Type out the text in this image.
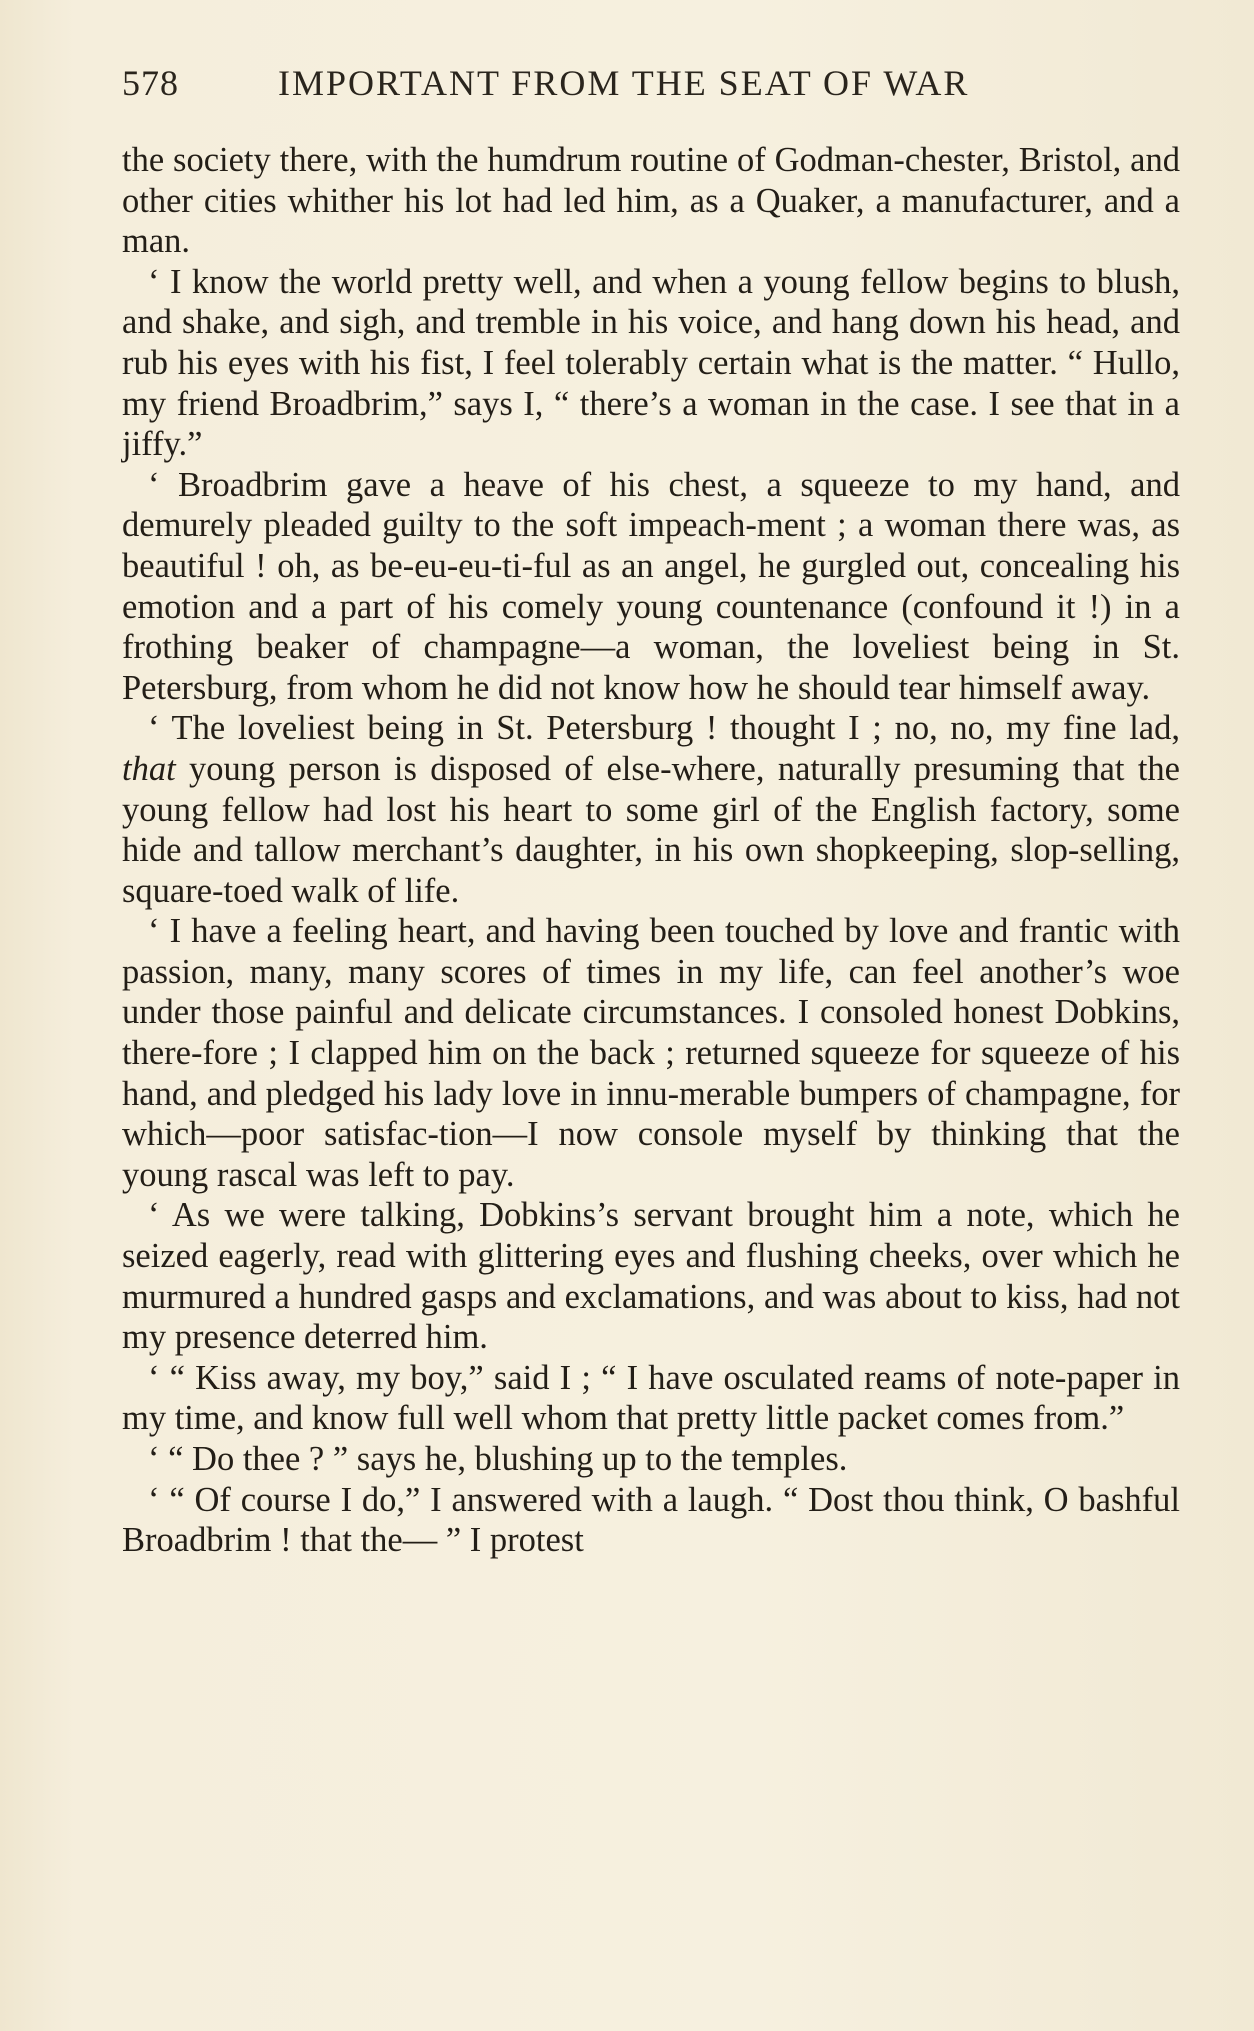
578	IMPORTANT FROM THE SEAT OF WAR

the society there, with the humdrum routine of Godman-chester, Bristol, and other cities whither his lot had led him, as a Quaker, a manufacturer, and a man.

‘ I know the world pretty well, and when a young fellow begins to blush, and shake, and sigh, and tremble in his voice, and hang down his head, and rub his eyes with his fist, I feel tolerably certain what is the matter. “ Hullo, my friend Broadbrim,” says I, “ there’s a woman in the case. I see that in a jiffy.”

‘ Broadbrim gave a heave of his chest, a squeeze to my hand, and demurely pleaded guilty to the soft impeach-ment ; a woman there was, as beautiful ! oh, as be-eu-eu-ti-ful as an angel, he gurgled out, concealing his emotion and a part of his comely young countenance (confound it !) in a frothing beaker of champagne—a woman, the loveliest being in St. Petersburg, from whom he did not know how he should tear himself away.

‘ The loveliest being in St. Petersburg ! thought I ; no, no, my fine lad, that young person is disposed of else-where, naturally presuming that the young fellow had lost his heart to some girl of the English factory, some hide and tallow merchant’s daughter, in his own shopkeeping, slop-selling, square-toed walk of life.

‘ I have a feeling heart, and having been touched by love and frantic with passion, many, many scores of times in my life, can feel another’s woe under those painful and delicate circumstances. I consoled honest Dobkins, there-fore ; I clapped him on the back ; returned squeeze for squeeze of his hand, and pledged his lady love in innu-merable bumpers of champagne, for which—poor satisfac-tion—I now console myself by thinking that the young rascal was left to pay.

‘ As we were talking, Dobkins’s servant brought him a note, which he seized eagerly, read with glittering eyes and flushing cheeks, over which he murmured a hundred gasps and exclamations, and was about to kiss, had not my presence deterred him.

‘ “ Kiss away, my boy,” said I ; “ I have osculated reams of note-paper in my time, and know full well whom that pretty little packet comes from.”

‘ “ Do thee ? ” says he, blushing up to the temples.

‘ “ Of course I do,” I answered with a laugh. “ Dost thou think, O bashful Broadbrim ! that the— ” I protest
